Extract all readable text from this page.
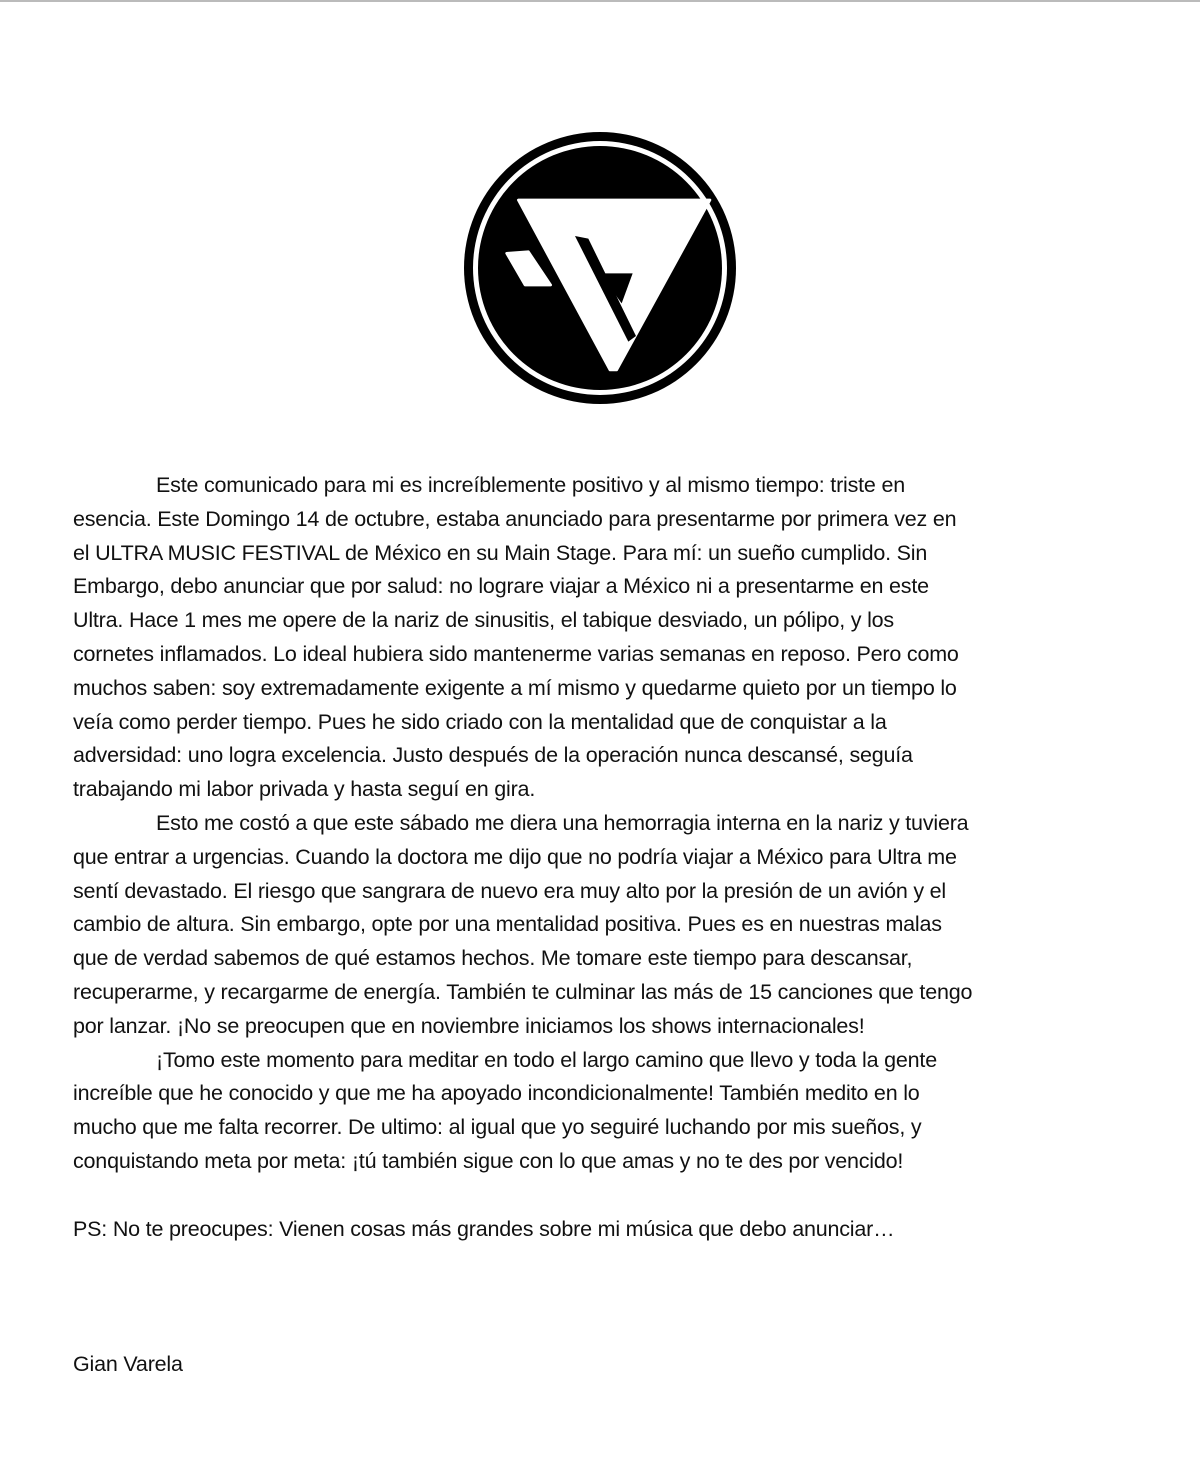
Este comunicado para mi es increíblemente positivo y al mismo tiempo: triste en
esencia. Este Domingo 14 de octubre, estaba anunciado para presentarme por primera vez en
el ULTRA MUSIC FESTIVAL de México en su Main Stage. Para mí: un sueño cumplido. Sin
Embargo, debo anunciar que por salud: no lograre viajar a México ni a presentarme en este
Ultra. Hace 1 mes me opere de la nariz de sinusitis, el tabique desviado, un pólipo, y los
cornetes inflamados. Lo ideal hubiera sido mantenerme varias semanas en reposo. Pero como
muchos saben: soy extremadamente exigente a mí mismo y quedarme quieto por un tiempo lo
veía como perder tiempo. Pues he sido criado con la mentalidad que de conquistar a la
adversidad: uno logra excelencia. Justo después de la operación nunca descansé, seguía
trabajando mi labor privada y hasta seguí en gira.
Esto me costó a que este sábado me diera una hemorragia interna en la nariz y tuviera
que entrar a urgencias. Cuando la doctora me dijo que no podría viajar a México para Ultra me
sentí devastado. El riesgo que sangrara de nuevo era muy alto por la presión de un avión y el
cambio de altura. Sin embargo, opte por una mentalidad positiva. Pues es en nuestras malas
que de verdad sabemos de qué estamos hechos. Me tomare este tiempo para descansar,
recuperarme, y recargarme de energía. También te culminar las más de 15 canciones que tengo
por lanzar. ¡No se preocupen que en noviembre iniciamos los shows internacionales!
¡Tomo este momento para meditar en todo el largo camino que llevo y toda la gente
increíble que he conocido y que me ha apoyado incondicionalmente! También medito en lo
mucho que me falta recorrer. De ultimo: al igual que yo seguiré luchando por mis sueños, y
conquistando meta por meta: ¡tú también sigue con lo que amas y no te des por vencido!
PS: No te preocupes: Vienen cosas más grandes sobre mi música que debo anunciar…
Gian Varela
